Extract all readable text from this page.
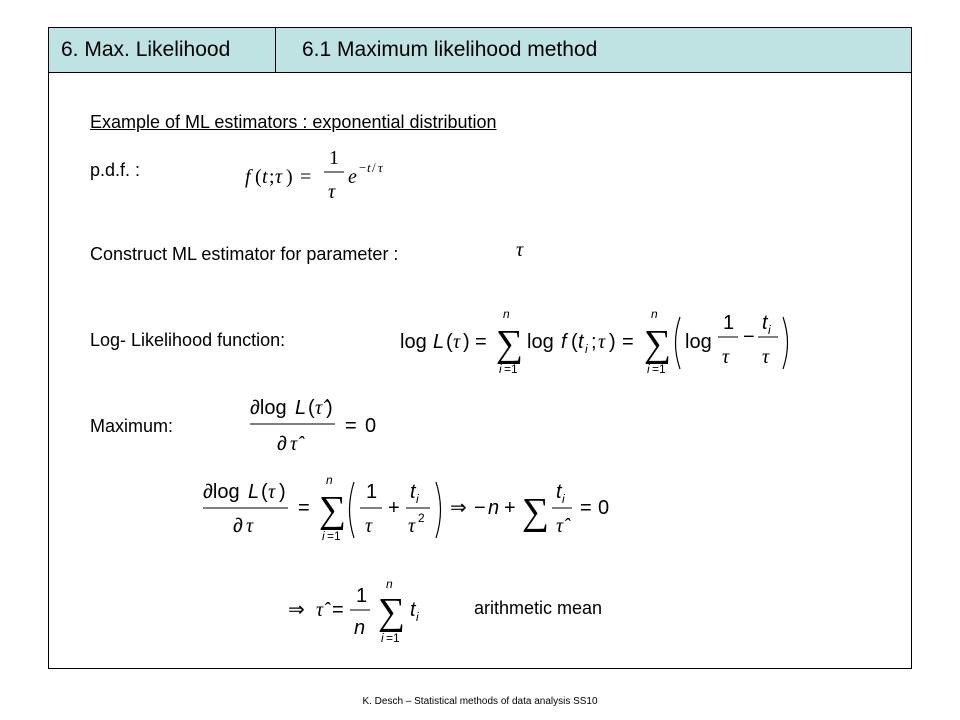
6. Max. Likelihood	6.1 Maximum likelihood method
Example of ML estimators : exponential distribution
p.d.f. :	f ( t ; τ ) =
1
τ
e − t / τ
Construct ML estimator for parameter :	τ
Log- Likelihood function:	log L ( τ ) =
n
∑
i =1
log f ( t i ; τ ) =
n
∑
i =1
log
1
τ
−
t i
τ
Maximum:
∂log L ( τ̂ )
∂ τ̂
= 0
∂log L ( τ )
∂ τ
=
n
∑
i =1
1
τ
+
t i
τ 2 ⇒ − n + ∑ t i
τ̂
= 0
⇒ τ̂ =
1
n
n
∑
i =1
t i	arithmetic mean
K. Desch – Statistical methods of data analysis SS10
